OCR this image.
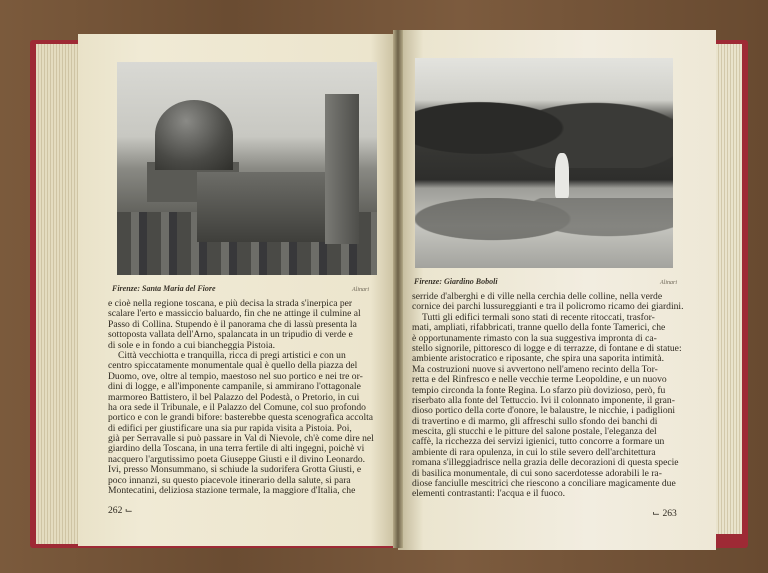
Firenze: Santa Maria del Fiore	Alinari
e cioè nella regione toscana, e più decisa la strada s'inerpica per
scalare l'erto e massiccio baluardo, fin che ne attinge il culmine al
Passo di Collina. Stupendo è il panorama che di lassù presenta la
sottoposta vallata dell'Arno, spalancata in un tripudio di verde e
di sole e in fondo a cui biancheggia Pistoia.
Città vecchiotta e tranquilla, ricca di pregi artistici e con un
centro spiccatamente monumentale qual è quello della piazza del
Duomo, ove, oltre al tempio, maestoso nel suo portico e nei tre or-
dini di logge, e all'imponente campanile, si ammirano l'ottagonale
marmoreo Battistero, il bel Palazzo del Podestà, o Pretorio, in cui
ha ora sede il Tribunale, e il Palazzo del Comune, col suo profondo
portico e con le grandi bifore: basterebbe questa scenografica accolta
di edifici per giustificare una sia pur rapida visita a Pistoia. Poi,
già per Serravalle si può passare in Val di Nievole, ch'è come dire nel
giardino della Toscana, in una terra fertile di alti ingegni, poichè vi
nacquero l'argutissimo poeta Giuseppe Giusti e il divino Leonardo.
Ivi, presso Monsummano, si schiude la sudorifera Grotta Giusti, e
poco innanzi, su questo piacevole itinerario della salute, si para
Montecatini, deliziosa stazione termale, la maggiore d'Italia, che
262 ⌙
Firenze: Giardino Boboli	Alinari
serride d'alberghi e di ville nella cerchia delle colline, nella verde
cornice dei parchi lussureggianti e tra il policromo ricamo dei giardini.
Tutti gli edifici termali sono stati di recente ritoccati, trasfor-
mati, ampliati, rifabbricati, tranne quello della fonte Tamerici, che
è opportunamente rimasto con la sua suggestiva impronta di ca-
stello signorile, pittoresco di logge e di terrazze, di fontane e di statue:
ambiente aristocratico e riposante, che spira una saporita intimità.
Ma costruzioni nuove si avvertono nell'ameno recinto della Tor-
retta e del Rinfresco e nelle vecchie terme Leopoldine, e un nuovo
tempio circonda la fonte Regina. Lo sfarzo più dovizioso, però, fu
riserbato alla fonte del Tettuccio. Ivi il colonnato imponente, il gran-
dioso portico della corte d'onore, le balaustre, le nicchie, i padiglioni
di travertino e di marmo, gli affreschi sullo sfondo dei banchi di
mescita, gli stucchi e le pitture del salone postale, l'eleganza del
caffè, la ricchezza dei servizi igienici, tutto concorre a formare un
ambiente di rara opulenza, in cui lo stile severo dell'architettura
romana s'illeggiadrisce nella grazia delle decorazioni di questa specie
di basilica monumentale, di cui sono sacerdotesse adorabili le ra-
diose fanciulle mescitrici che riescono a conciliare magicamente due
elementi contrastanti: l'acqua e il fuoco.
⌙ 263
